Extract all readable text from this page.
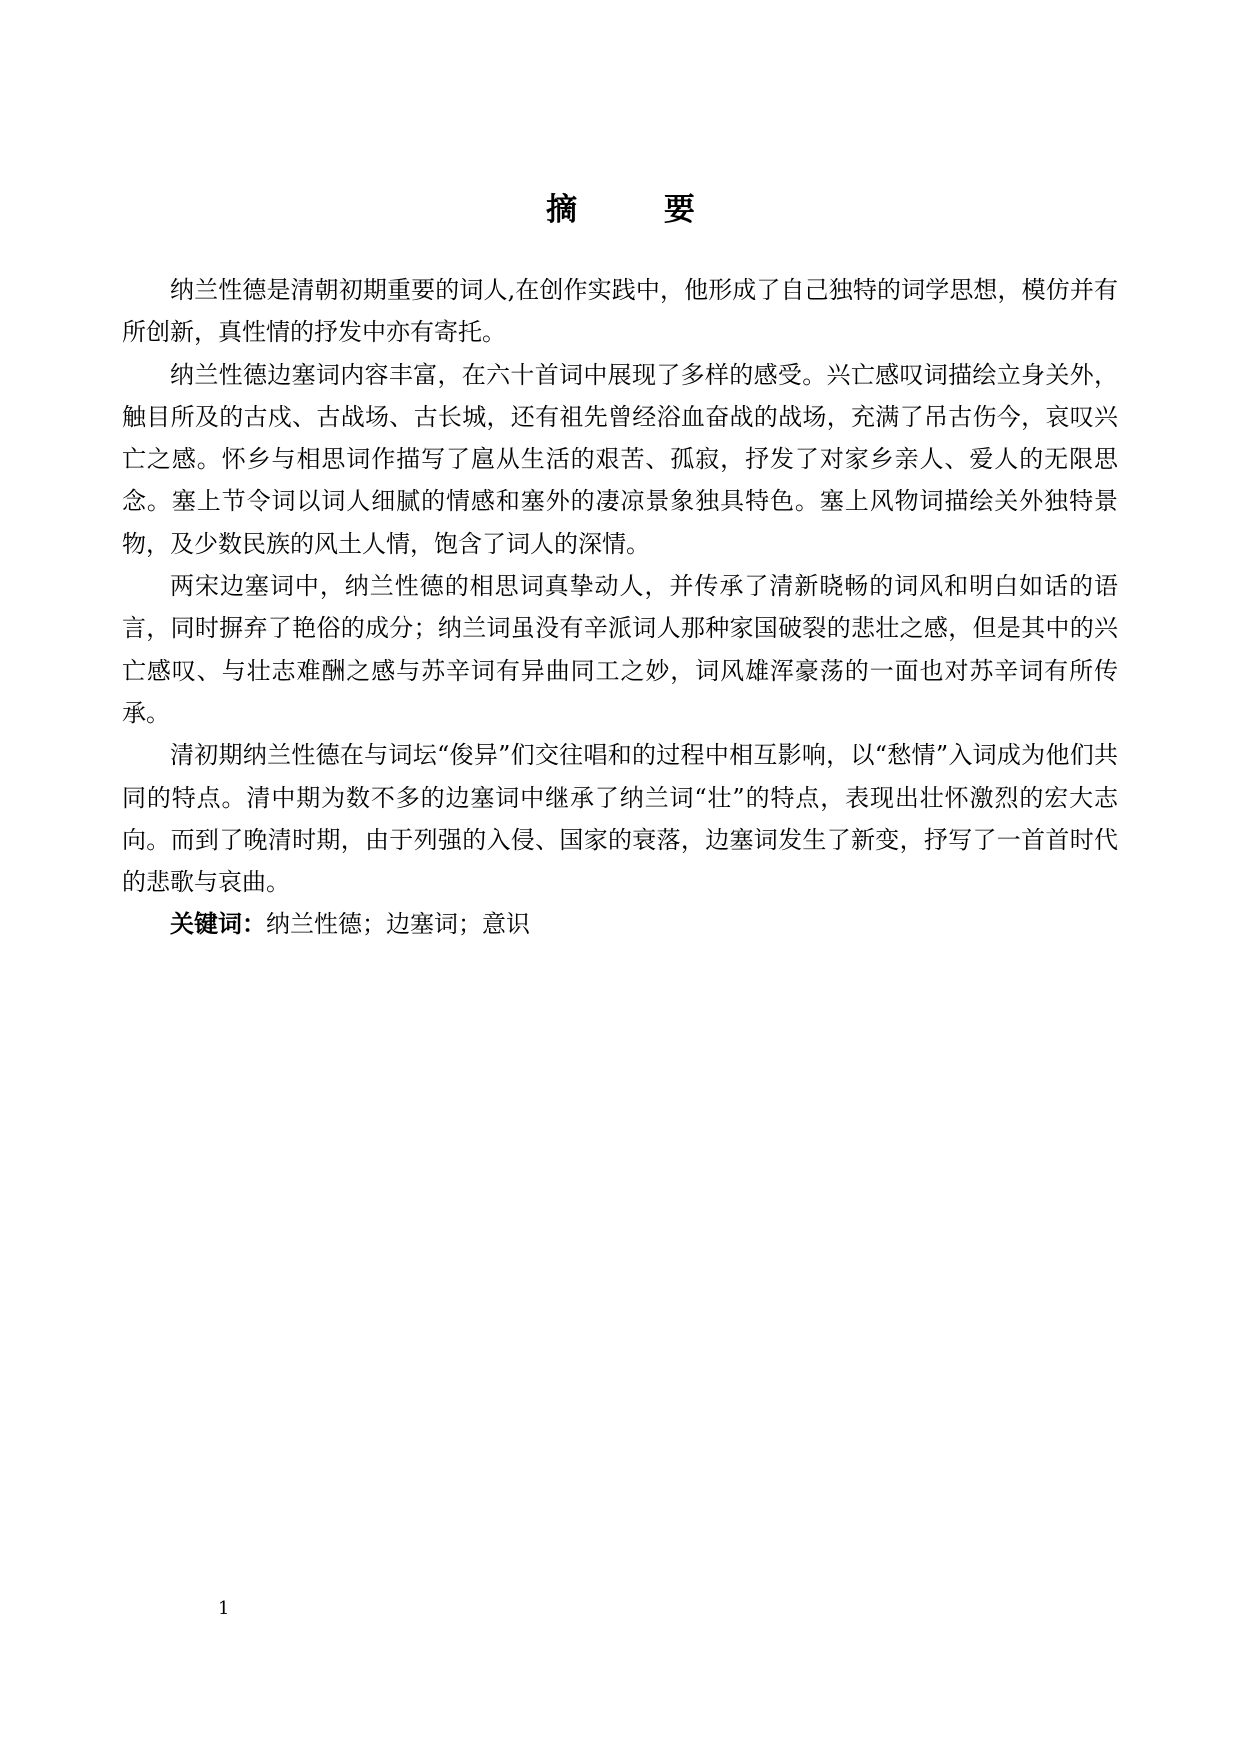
摘 要

纳兰性德是清朝初期重要的词人,在创作实践中，他形成了自己独特的词学思想，模仿并有所创新，真性情的抒发中亦有寄托。

纳兰性德边塞词内容丰富，在六十首词中展现了多样的感受。兴亡感叹词描绘立身关外，触目所及的古戍、古战场、古长城，还有祖先曾经浴血奋战的战场，充满了吊古伤今，哀叹兴亡之感。怀乡与相思词作描写了扈从生活的艰苦、孤寂，抒发了对家乡亲人、爱人的无限思念。塞上节令词以词人细腻的情感和塞外的凄凉景象独具特色。塞上风物词描绘关外独特景物，及少数民族的风土人情，饱含了词人的深情。

两宋边塞词中，纳兰性德的相思词真挚动人，并传承了清新晓畅的词风和明白如话的语言，同时摒弃了艳俗的成分；纳兰词虽没有辛派词人那种家国破裂的悲壮之感，但是其中的兴亡感叹、与壮志难酬之感与苏辛词有异曲同工之妙，词风雄浑豪荡的一面也对苏辛词有所传承。

清初期纳兰性德在与词坛“俊异”们交往唱和的过程中相互影响，以“愁情”入词成为他们共同的特点。清中期为数不多的边塞词中继承了纳兰词“壮”的特点，表现出壮怀激烈的宏大志向。而到了晚清时期，由于列强的入侵、国家的衰落，边塞词发生了新变，抒写了一首首时代的悲歌与哀曲。

关键词：纳兰性德；边塞词；意识

1
